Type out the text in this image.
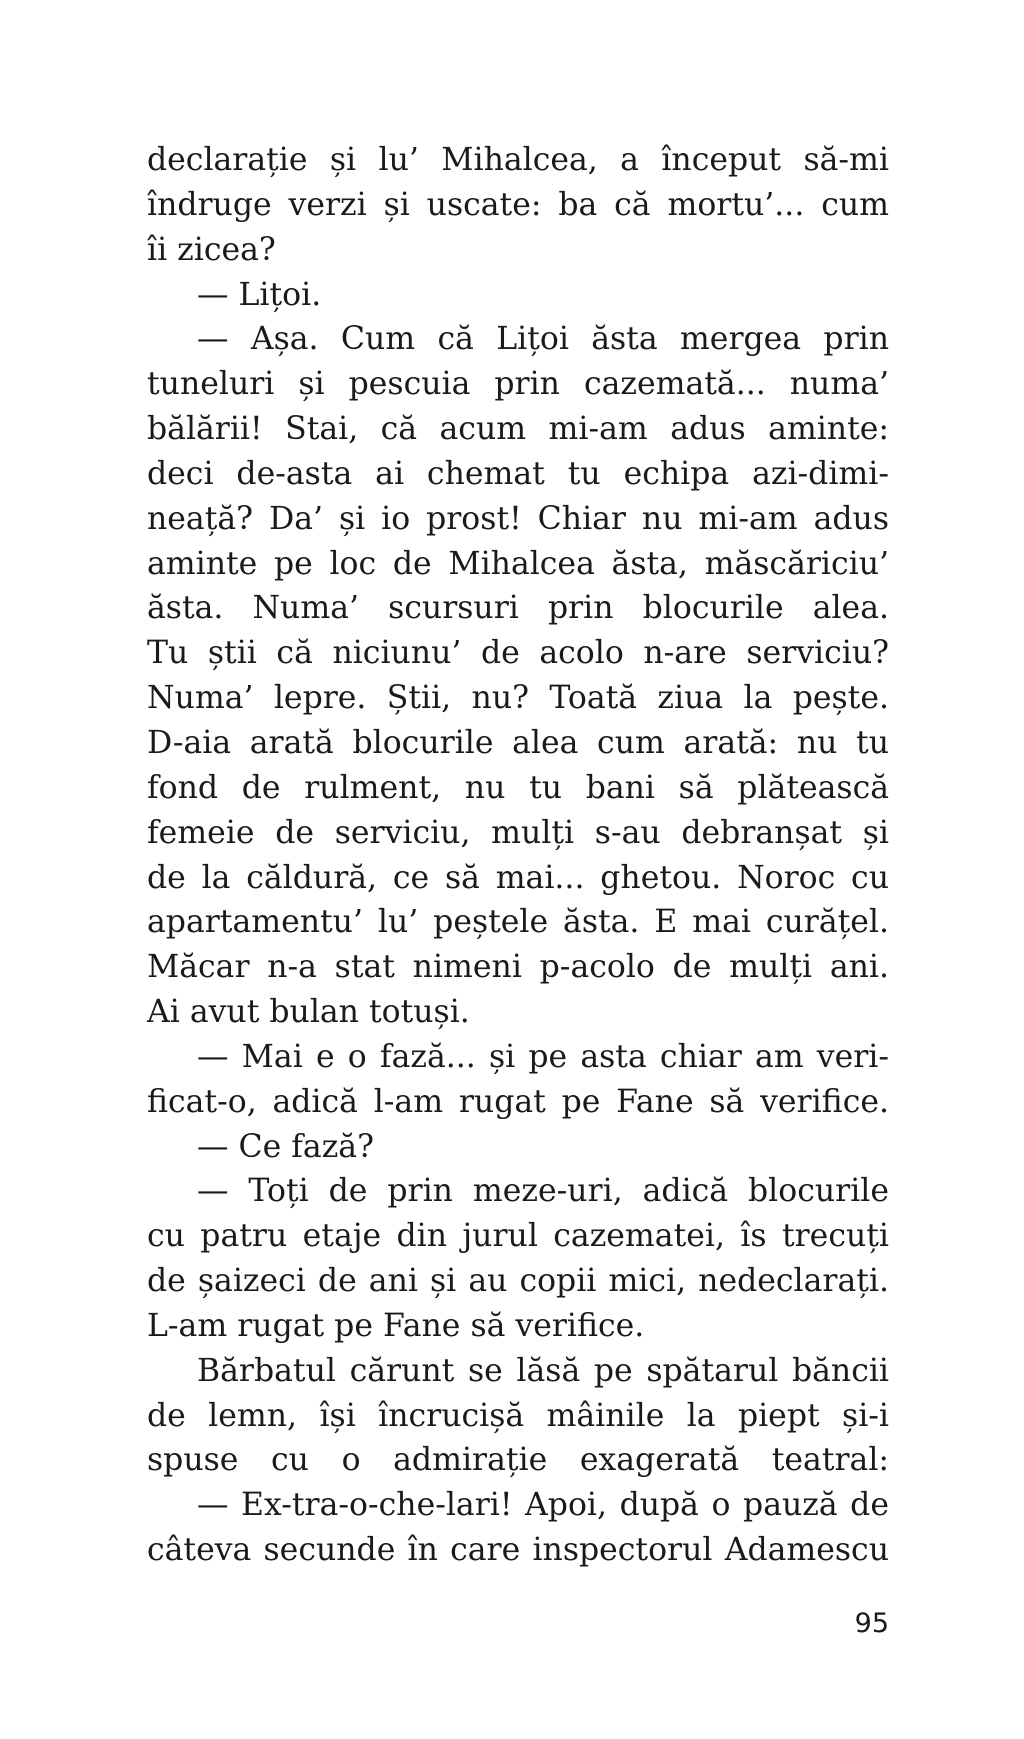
declarație și lu’ Mihalcea, a început să-mi
îndruge verzi și uscate: ba că mortu’... cum
îi zicea?
— Lițoi.
— Așa. Cum că Lițoi ăsta mergea prin
tuneluri și pescuia prin cazemată... numa’
bălării! Stai, că acum mi-am adus aminte:
deci de-asta ai chemat tu echipa azi-dimi-
neață? Da’ și io prost! Chiar nu mi-am adus
aminte pe loc de Mihalcea ăsta, măscăriciu’
ăsta. Numa’ scursuri prin blocurile alea.
Tu știi că niciunu’ de acolo n-are serviciu?
Numa’ lepre. Știi, nu? Toată ziua la pește.
D-aia arată blocurile alea cum arată: nu tu
fond de rulment, nu tu bani să plătească
femeie de serviciu, mulți s-au debranșat și
de la căldură, ce să mai... ghetou. Noroc cu
apartamentu’ lu’ peștele ăsta. E mai curățel.
Măcar n-a stat nimeni p-acolo de mulți ani.
Ai avut bulan totuși.
— Mai e o fază... și pe asta chiar am veri-
ficat-o, adică l-am rugat pe Fane să verifice.
— Ce fază?
— Toți de prin meze-uri, adică blocurile
cu patru etaje din jurul cazematei, îs trecuți
de șaizeci de ani și au copii mici, nedeclarați.
L-am rugat pe Fane să verifice.
Bărbatul cărunt se lăsă pe spătarul băncii
de lemn, își încrucișă mâinile la piept și-i
spuse cu o admirație exagerată teatral:
— Ex-tra-o-che-lari! Apoi, după o pauză de
câteva secunde în care inspectorul Adamescu
95
